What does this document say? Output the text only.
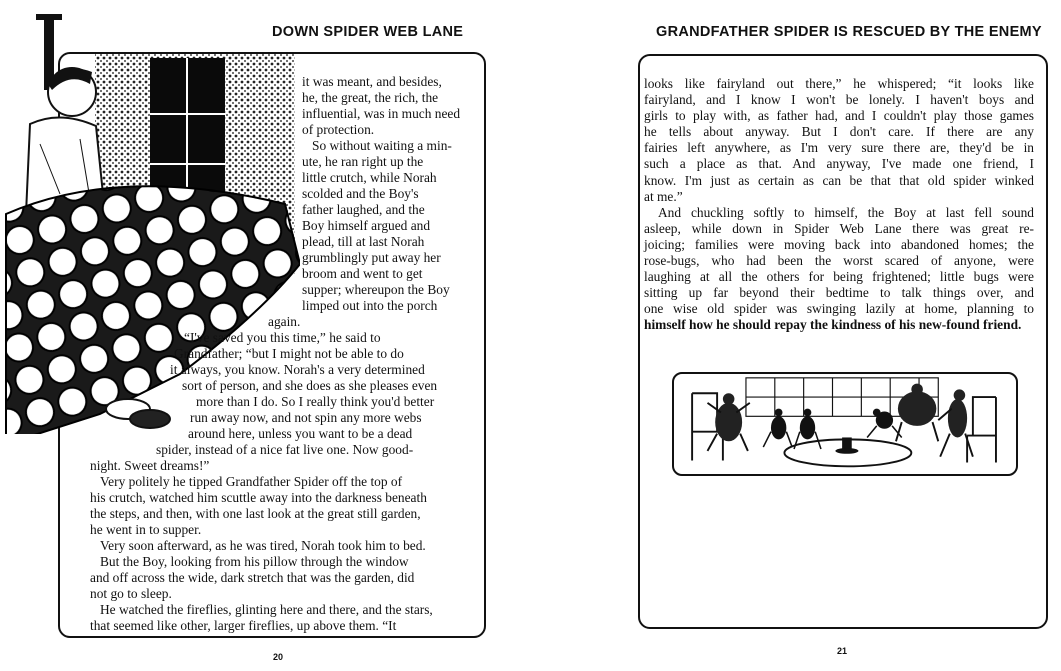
DOWN SPIDER WEB LANE
it was meant, and besides,
he, the great, the rich, the
influential, was in much need
of protection.
So without waiting a min-
ute, he ran right up the
little crutch, while Norah
scolded and the Boy's
father laughed, and the
Boy himself argued and
plead, till at last Norah
grumblingly put away her
broom and went to get
supper; whereupon the Boy
limped out into the porch
again.
“I've saved you this time,” he said to
Grandfather; “but I might not be able to do
it always, you know. Norah's a very determined
sort of person, and she does as she pleases even
more than I do. So I really think you'd better
run away now, and not spin any more webs
around here, unless you want to be a dead
spider, instead of a nice fat live one. Now good-
night. Sweet dreams!”
Very politely he tipped Grandfather Spider off the top of
his crutch, watched him scuttle away into the darkness beneath
the steps, and then, with one last look at the great still garden,
he went in to supper.
Very soon afterward, as he was tired, Norah took him to bed.
But the Boy, looking from his pillow through the window
and off across the wide, dark stretch that was the garden, did
not go to sleep.
He watched the fireflies, glinting here and there, and the stars,
that seemed like other, larger fireflies, up above them. “It
20
GRANDFATHER SPIDER IS RESCUED BY THE ENEMY
looks like fairyland out there,” he whispered; “it looks like
fairyland, and I know I won't be lonely. I haven't boys and
girls to play with, as father had, and I couldn't play those games
he tells about anyway. But I don't care. If there are any
fairies left anywhere, as I'm very sure there are, they'd be in
such a place as that. And anyway, I've made one friend, I
know. I'm just as certain as can be that that old spider winked
at me.”
And chuckling softly to himself, the Boy at last fell sound
asleep, while down in Spider Web Lane there was great re-
joicing; families were moving back into abandoned homes; the
rose-bugs, who had been the worst scared of anyone, were
laughing at all the others for being frightened; little bugs were
sitting up far beyond their bedtime to talk things over, and
one wise old spider was swinging lazily at home, planning to
himself how he should repay the kindness of his new-found friend.
21
